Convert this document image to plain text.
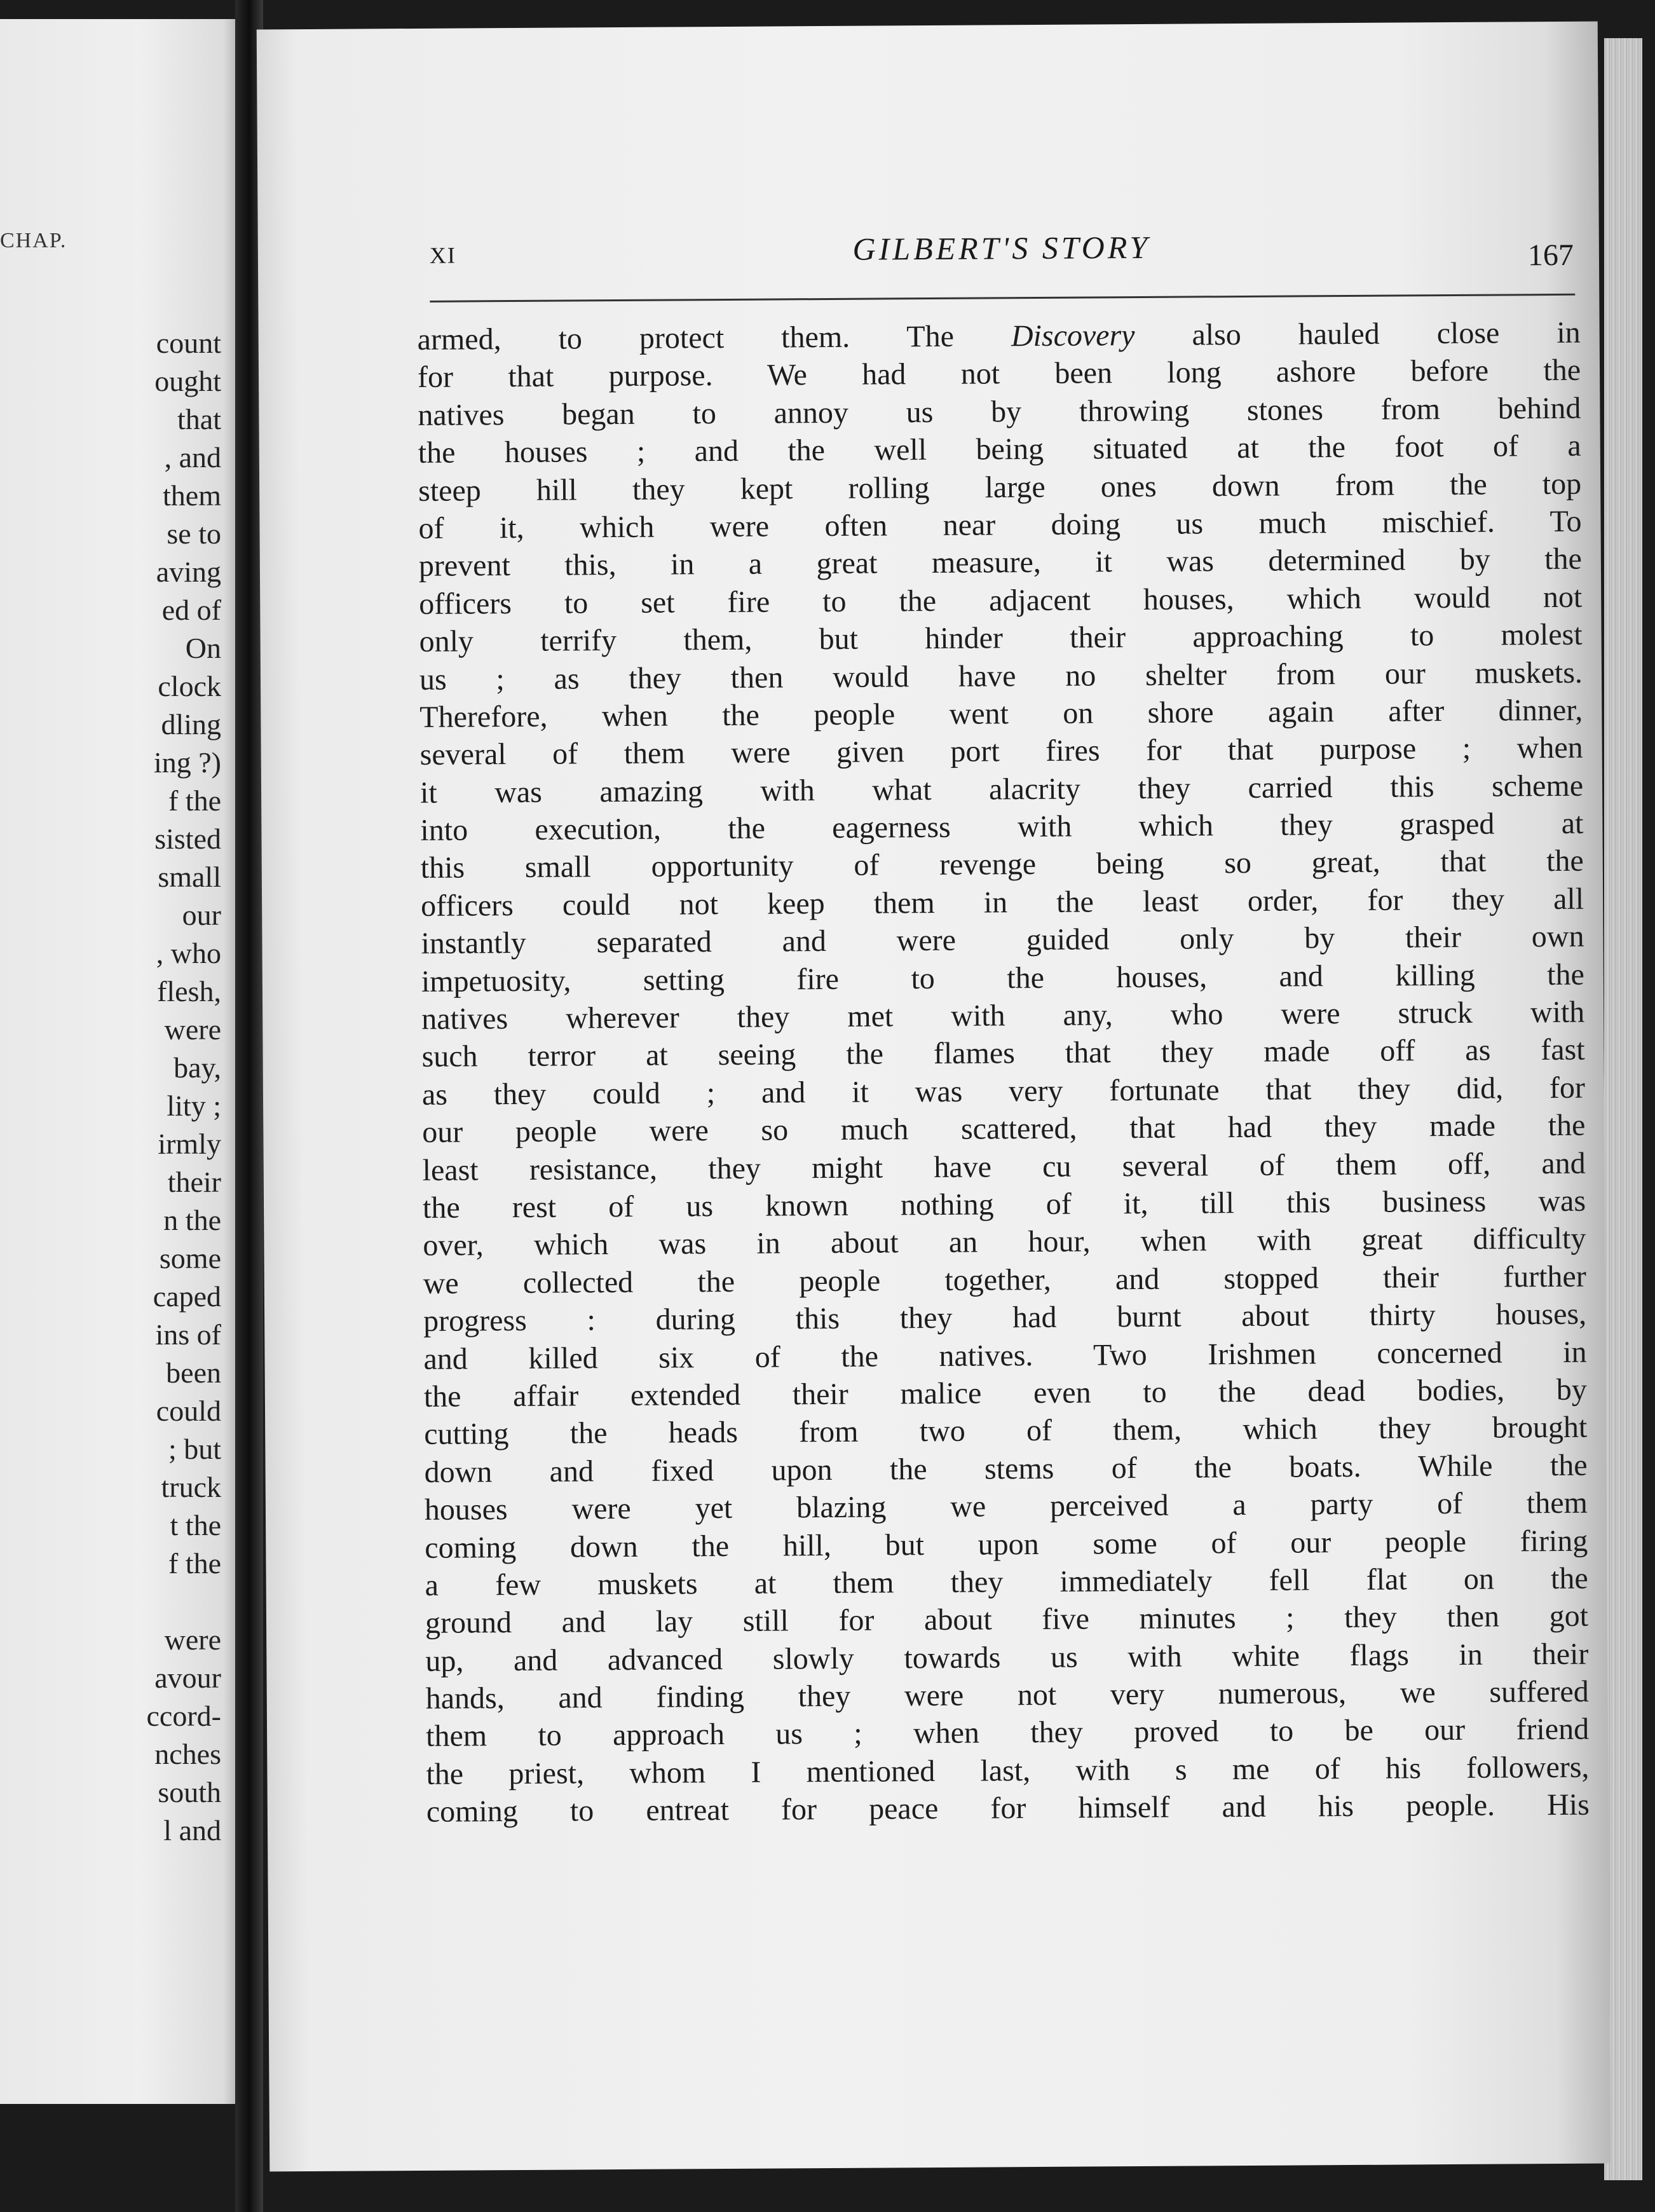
CHAP.
count
ought
that
, and
them
se to
aving
ed of
On
clock
dling
ing ?)
f the
sisted
small
our
, who
flesh,
were
bay,
lity ;
irmly
their
n the
some
caped
ins of
been
could
; but
truck
t the
f the
were
avour
ccord-
nches
south
l and
XI	GILBERT'S STORY	167
armed, to protect them. The Discovery also hauled close in
for that purpose. We had not been long ashore before the
natives began to annoy us by throwing stones from behind
the houses ; and the well being situated at the foot of a
steep hill they kept rolling large ones down from the top
of it, which were often near doing us much mischief. To
prevent this, in a great measure, it was determined by the
officers to set fire to the adjacent houses, which would not
only terrify them, but hinder their approaching to molest
us ; as they then would have no shelter from our muskets.
Therefore, when the people went on shore again after dinner,
several of them were given port fires for that purpose ; when
it was amazing with what alacrity they carried this scheme
into execution, the eagerness with which they grasped at
this small opportunity of revenge being so great, that the
officers could not keep them in the least order, for they all
instantly separated and were guided only by their own
impetuosity, setting fire to the houses, and killing the
natives wherever they met with any, who were struck with
such terror at seeing the flames that they made off as fast
as they could ; and it was very fortunate that they did, for
our people were so much scattered, that had they made the
least resistance, they might have cu several of them off, and
the rest of us known nothing of it, till this business was
over, which was in about an hour, when with great difficulty
we collected the people together, and stopped their further
progress : during this they had burnt about thirty houses,
and killed six of the natives. Two Irishmen concerned in
the affair extended their malice even to the dead bodies, by
cutting the heads from two of them, which they brought
down and fixed upon the stems of the boats. While the
houses were yet blazing we perceived a party of them
coming down the hill, but upon some of our people firing
a few muskets at them they immediately fell flat on the
ground and lay still for about five minutes ; they then got
up, and advanced slowly towards us with white flags in their
hands, and finding they were not very numerous, we suffered
them to approach us ; when they proved to be our friend
the priest, whom I mentioned last, with s me of his followers,
coming to entreat for peace for himself and his people. His
